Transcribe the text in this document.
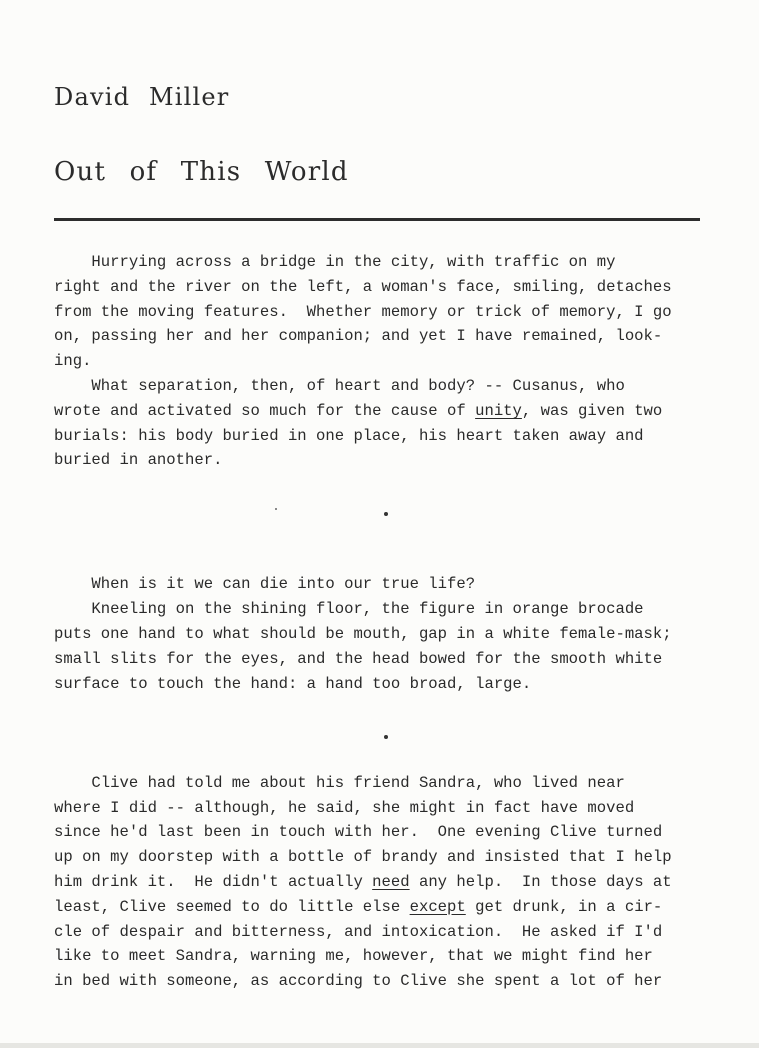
David Miller
Out of This World
Hurrying across a bridge in the city, with traffic on my
right and the river on the left, a woman's face, smiling, detaches
from the moving features.  Whether memory or trick of memory, I go
on, passing her and her companion; and yet I have remained, look-
ing.
What separation, then, of heart and body? -- Cusanus, who
wrote and activated so much for the cause of unity, was given two
burials: his body buried in one place, his heart taken away and
buried in another.
When is it we can die into our true life?
Kneeling on the shining floor, the figure in orange brocade
puts one hand to what should be mouth, gap in a white female-mask;
small slits for the eyes, and the head bowed for the smooth white
surface to touch the hand: a hand too broad, large.
Clive had told me about his friend Sandra, who lived near
where I did -- although, he said, she might in fact have moved
since he'd last been in touch with her.  One evening Clive turned
up on my doorstep with a bottle of brandy and insisted that I help
him drink it.  He didn't actually need any help.  In those days at
least, Clive seemed to do little else except get drunk, in a cir-
cle of despair and bitterness, and intoxication.  He asked if I'd
like to meet Sandra, warning me, however, that we might find her
in bed with someone, as according to Clive she spent a lot of her
